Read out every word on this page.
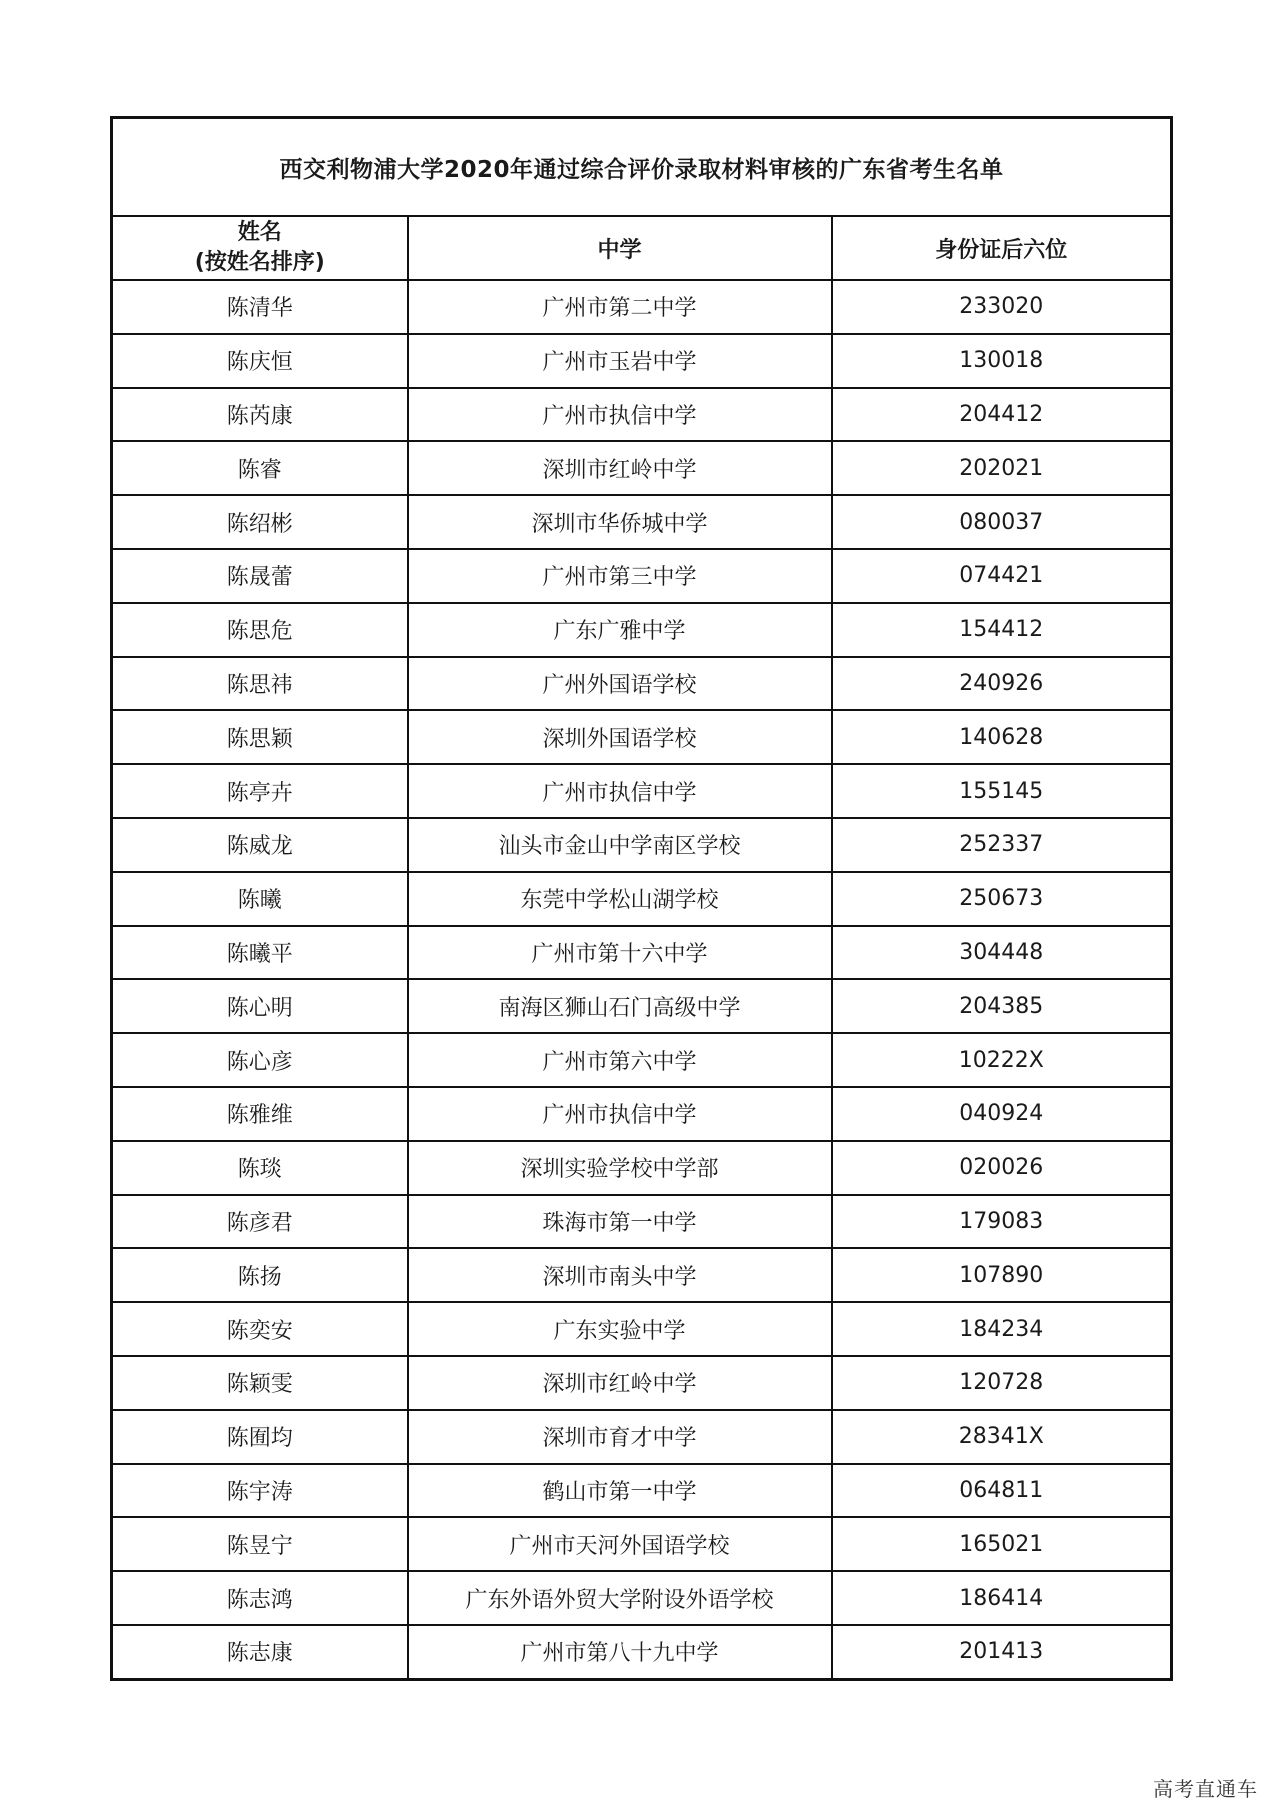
西交利物浦大学2020年通过综合评价录取材料审核的广东省考生名单		

姓名
(按姓名排序)	中学	身份证后六位
陈清华	广州市第二中学	233020
陈庆恒	广州市玉岩中学	130018
陈芮康	广州市执信中学	204412
陈睿	深圳市红岭中学	202021
陈绍彬	深圳市华侨城中学	080037
陈晟蕾	广州市第三中学	074421
陈思危	广东广雅中学	154412
陈思祎	广州外国语学校	240926
陈思颖	深圳外国语学校	140628
陈亭卉	广州市执信中学	155145
陈威龙	汕头市金山中学南区学校	252337
陈曦	东莞中学松山湖学校	250673
陈曦平	广州市第十六中学	304448
陈心明	南海区狮山石门高级中学	204385
陈心彦	广州市第六中学	10222X
陈雅维	广州市执信中学	040924
陈琰	深圳实验学校中学部	020026
陈彦君	珠海市第一中学	179083
陈扬	深圳市南头中学	107890
陈奕安	广东实验中学	184234
陈颖雯	深圳市红岭中学	120728
陈囿均	深圳市育才中学	28341X
陈宇涛	鹤山市第一中学	064811
陈昱宁	广州市天河外国语学校	165021
陈志鸿	广东外语外贸大学附设外语学校	186414
陈志康	广州市第八十九中学	201413
高考直通车
